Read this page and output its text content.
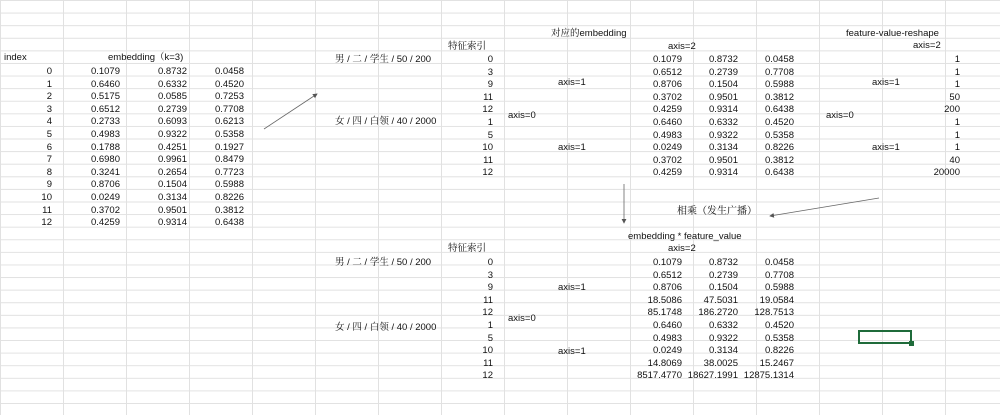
index	embedding（k=3)
0	0.1079	0.8732	0.0458
1	0.6460	0.6332	0.4520
2	0.5175	0.0585	0.7253
3	0.6512	0.2739	0.7708
4	0.2733	0.6093	0.6213
5	0.4983	0.9322	0.5358
6	0.1788	0.4251	0.1927
7	0.6980	0.9961	0.8479
8	0.3241	0.2654	0.7723
9	0.8706	0.1504	0.5988
10	0.0249	0.3134	0.8226
11	0.3702	0.9501	0.3812
12	0.4259	0.9314	0.6438
男 / 二 / 学生 / 50 / 200
女 / 四 / 白领 / 40 / 2000
男 / 二 / 学生 / 50 / 200
女 / 四 / 白领 / 40 / 2000
对应的embedding
特征索引	axis=2
axis=0
axis=1
axis=1
0	0.1079	0.8732	0.0458
3	0.6512	0.2739	0.7708
9	0.8706	0.1504	0.5988
11	0.3702	0.9501	0.3812
12	0.4259	0.9314	0.6438
1	0.6460	0.6332	0.4520
5	0.4983	0.9322	0.5358
10	0.0249	0.3134	0.8226
11	0.3702	0.9501	0.3812
12	0.4259	0.9314	0.6438
feature-value-reshape
axis=2
axis=0
axis=1
axis=1
1
1
1
50
200
1
1
1
40
20000
相乘（发生广播）
embedding * feature_value
特征索引	axis=2
axis=0
axis=1
axis=1
0	0.1079	0.8732	0.0458
3	0.6512	0.2739	0.7708
9	0.8706	0.1504	0.5988
11	18.5086	47.5031	19.0584
12	85.1748	186.2720	128.7513
1	0.6460	0.6332	0.4520
5	0.4983	0.9322	0.5358
10	0.0249	0.3134	0.8226
11	14.8069	38.0025	15.2467
12	8517.4770 18627.1991 12875.1314
